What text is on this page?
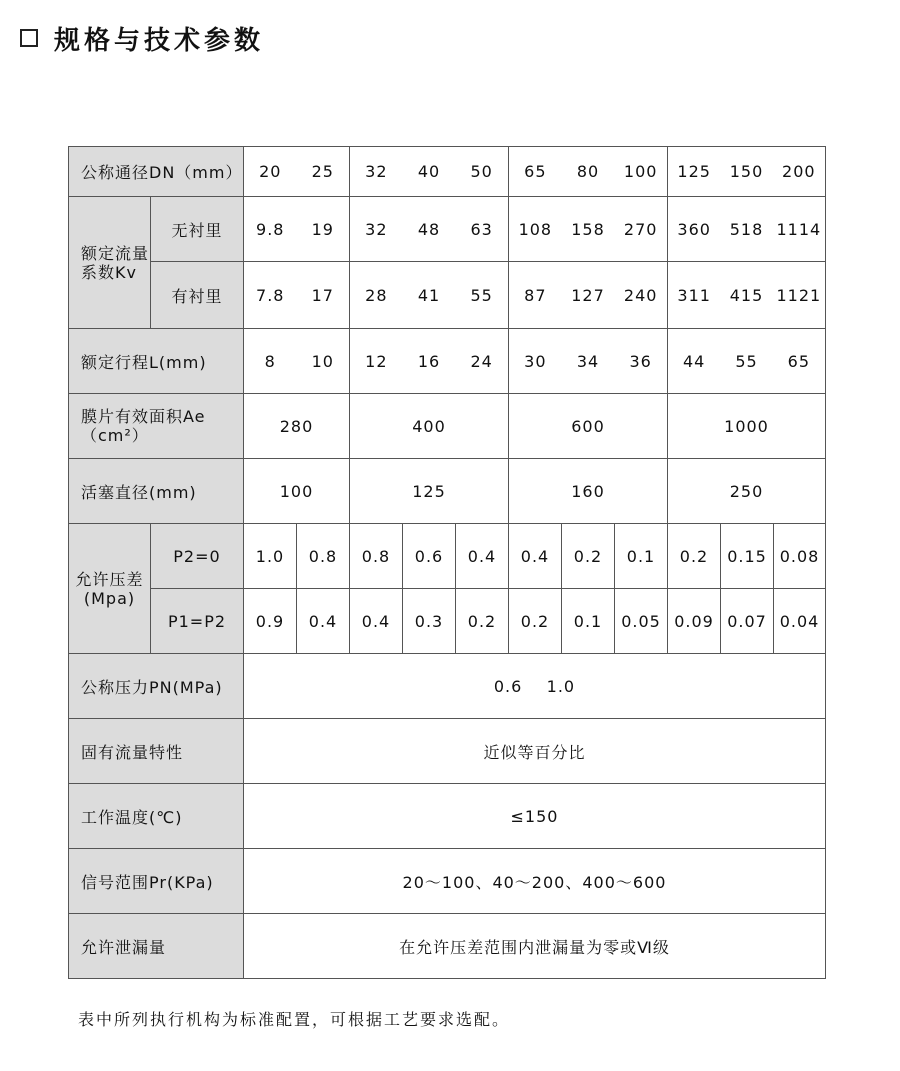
规格与技术参数
公称通径DN（mm）		20 25		32 40 50			65 80 100			125 150 200		

额定流量系数Kv	无衬里	9.8 19		32 48 63			108 158 270			360 518 1114		

	有衬里	7.8 17		28 41 55			87 127 240			311 415 1121		

额定行程L(mm)		8 10		12 16 24			30 34 36			44 55 65		

膜片有效面积Ae（cm²）		280		400			600			1000		
活塞直径(mm)		100		125			160			250		
允许压差(Mpa)	P2=0	1.0	0.8	0.8	0.6	0.4	0.4	0.2	0.1	0.2	0.15	0.08
	P1=P2	0.9	0.4	0.4	0.3	0.2	0.2	0.1	0.05	0.09	0.07	0.04
公称压力PN(MPa)		0.6    1.0										
固有流量特性		近似等百分比										
工作温度(℃)		≤150										
信号范围Pr(KPa)		20～100、40～200、400～600										
允许泄漏量		在允许压差范围内泄漏量为零或Ⅵ级										
表中所列执行机构为标准配置，可根据工艺要求选配。
